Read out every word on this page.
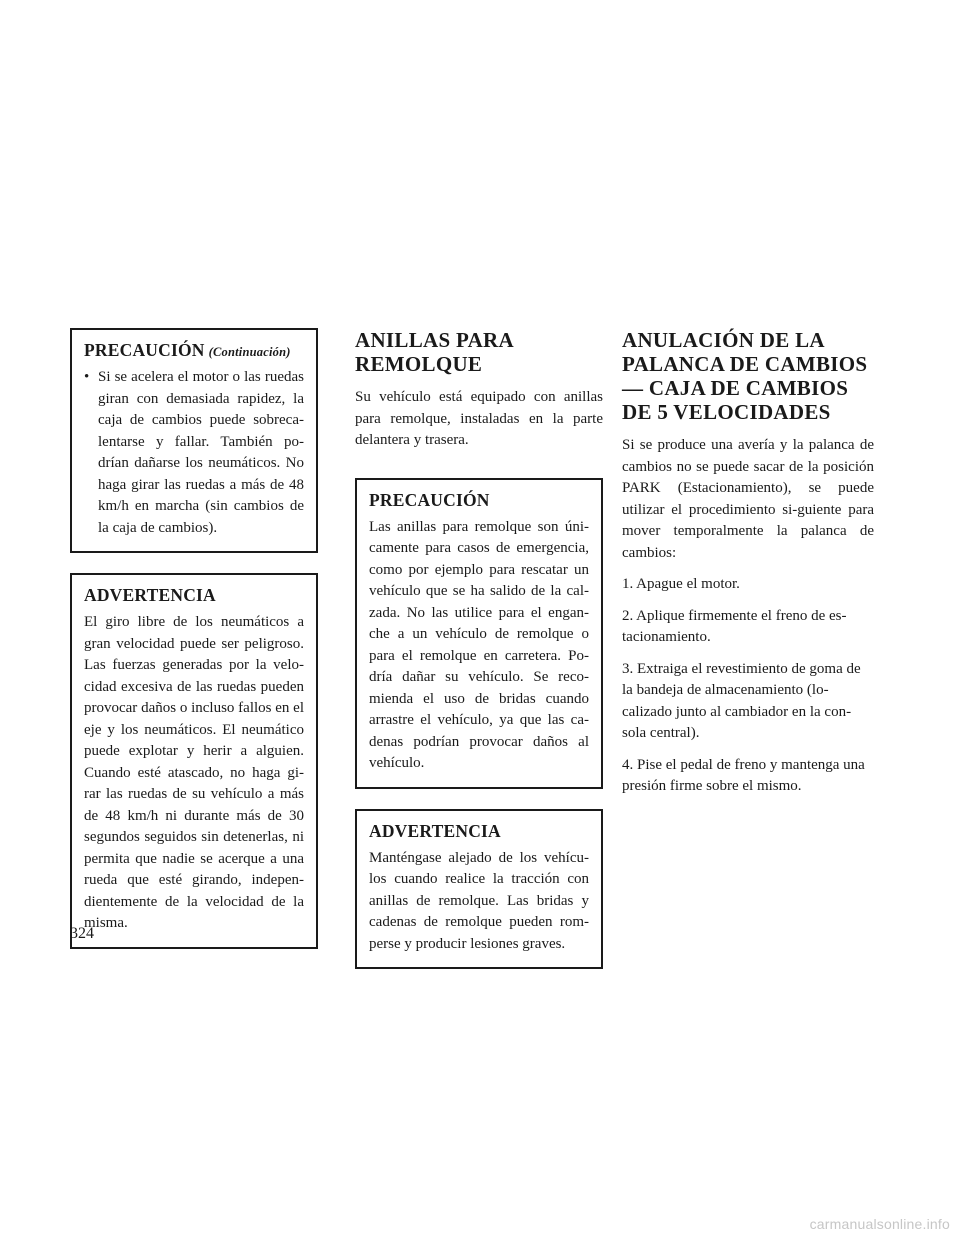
PRECAUCIÓN (Continuación)
• Si se acelera el motor o las ruedas giran con demasiada rapidez, la caja de cambios puede sobreca-lentarse y fallar. También po-drían dañarse los neumáticos. No haga girar las ruedas a más de 48 km/h en marcha (sin cambios de la caja de cambios).
ADVERTENCIA

El giro libre de los neumáticos a gran velocidad puede ser peligroso. Las fuerzas generadas por la velo-cidad excesiva de las ruedas pueden provocar daños o incluso fallos en el eje y los neumáticos. El neumático puede explotar y herir a alguien. Cuando esté atascado, no haga gi-rar las ruedas de su vehículo a más de 48 km/h ni durante más de 30 segundos seguidos sin detenerlas, ni permita que nadie se acerque a una rueda que esté girando, indepen-dientemente de la velocidad de la misma.

ANILLAS PARA REMOLQUE

Su vehículo está equipado con anillas para remolque, instaladas en la parte delantera y trasera.

PRECAUCIÓN

Las anillas para remolque son úni-camente para casos de emergencia, como por ejemplo para rescatar un vehículo que se ha salido de la cal-zada. No las utilice para el engan-che a un vehículo de remolque o para el remolque en carretera. Po-dría dañar su vehículo. Se reco-mienda el uso de bridas cuando arrastre el vehículo, ya que las ca-denas podrían provocar daños al vehículo.

ADVERTENCIA

Manténgase alejado de los vehícu-los cuando realice la tracción con anillas de remolque. Las bridas y cadenas de remolque pueden rom-perse y producir lesiones graves.

ANULACIÓN DE LA PALANCA DE CAMBIOS — CAJA DE CAMBIOS DE 5 VELOCIDADES

Si se produce una avería y la palanca de cambios no se puede sacar de la posición PARK (Estacionamiento), se puede utilizar el procedimiento si-guiente para mover temporalmente la palanca de cambios:

1. Apague el motor.

2. Aplique firmemente el freno de es-tacionamiento.

3. Extraiga el revestimiento de goma de la bandeja de almacenamiento (lo-calizado junto al cambiador en la con-sola central).

4. Pise el pedal de freno y mantenga una presión firme sobre el mismo.

324
carmanualsonline.info
